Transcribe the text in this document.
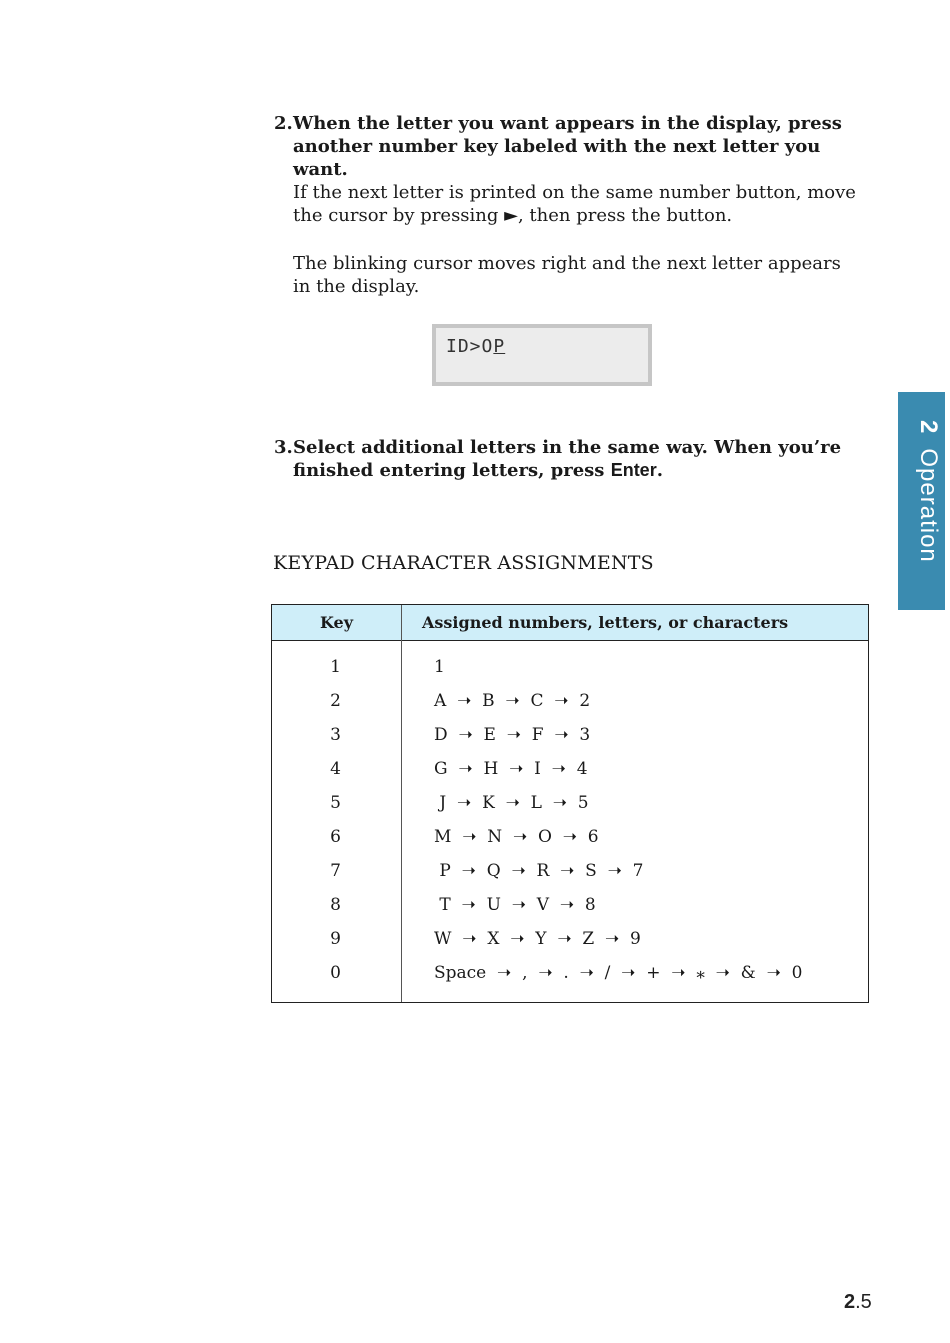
2. When the letter you want appears in the display, press another number key labeled with the next letter you want.
If the next letter is printed on the same number button, move the cursor by pressing ►, then press the button.
The blinking cursor moves right and the next letter appears in the display.
ID>OP
3. Select additional letters in the same way. When you’re finished entering letters, press Enter.
KEYPAD CHARACTER ASSIGNMENTS
Key	Assigned numbers, letters, or characters
1	1
2	A  ➝  B  ➝  C  ➝  2
3	D  ➝  E  ➝  F  ➝  3
4	G  ➝  H  ➝  I  ➝  4
5	J  ➝  K  ➝  L  ➝  5
6	M  ➝  N  ➝  O  ➝  6
7	P  ➝  Q  ➝  R  ➝  S  ➝  7
8	T  ➝  U  ➝  V  ➝  8
9	W  ➝  X  ➝  Y  ➝  Z  ➝  9
0	Space  ➝  ,  ➝  .  ➝  /  ➝  +  ➝  ⁎  ➝  &  ➝  0
2Operation
2.5
